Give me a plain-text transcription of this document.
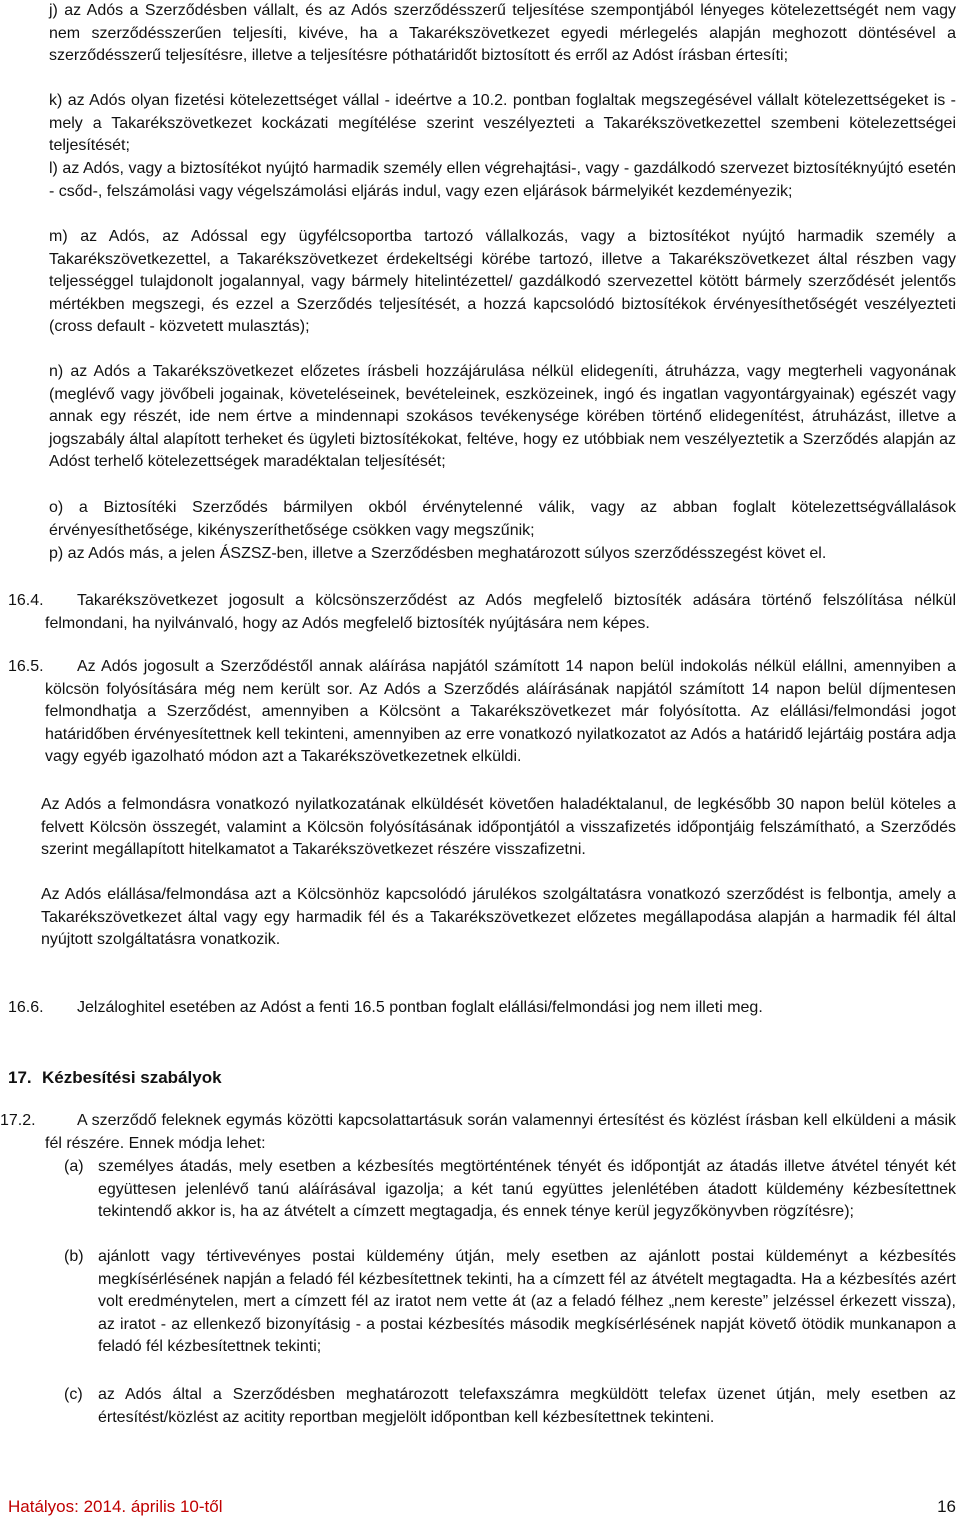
j) az Adós a Szerződésben vállalt, és az Adós szerződésszerű teljesítése szempontjából lényeges kötelezettségét nem vagy nem szerződésszerűen teljesíti, kivéve, ha a Takarékszövetkezet egyedi mérlegelés alapján meghozott döntésével a szerződésszerű teljesítésre, illetve a teljesítésre póthatáridőt biztosított és erről az Adóst írásban értesíti;

k) az Adós olyan fizetési kötelezettséget vállal - ideértve a 10.2. pontban foglaltak megszegésével vállalt kötelezettségeket is - mely a Takarékszövetkezet kockázati megítélése szerint veszélyezteti a Takarékszövetkezettel szembeni kötelezettségei teljesítését;

l) az Adós, vagy a biztosítékot nyújtó harmadik személy ellen végrehajtási-, vagy - gazdálkodó szervezet biztosítéknyújtó esetén - csőd-, felszámolási vagy végelszámolási eljárás indul, vagy ezen eljárások bármelyikét kezdeményezik;

m) az Adós, az Adóssal egy ügyfélcsoportba tartozó vállalkozás, vagy a biztosítékot nyújtó harmadik személy a Takarékszövetkezettel, a Takarékszövetkezet érdekeltségi körébe tartozó, illetve a Takarékszövetkezet által részben vagy teljességgel tulajdonolt jogalannyal, vagy bármely hitelintézettel/ gazdálkodó szervezettel kötött bármely szerződését jelentős mértékben megszegi, és ezzel a Szerződés teljesítését, a hozzá kapcsolódó biztosítékok érvényesíthetőségét veszélyezteti (cross default - közvetett mulasztás);

n) az Adós a Takarékszövetkezet előzetes írásbeli hozzájárulása nélkül elidegeníti, átruházza, vagy megterheli vagyonának (meglévő vagy jövőbeli jogainak, követeléseinek, bevételeinek, eszközeinek, ingó és ingatlan vagyontárgyainak) egészét vagy annak egy részét, ide nem értve a mindennapi szokásos tevékenysége körében történő elidegenítést, átruházást, illetve a jogszabály által alapított terheket és ügyleti biztosítékokat, feltéve, hogy ez utóbbiak nem veszélyeztetik a Szerződés alapján az Adóst terhelő kötelezettségek maradéktalan teljesítését;

o) a Biztosítéki Szerződés bármilyen okból érvénytelenné válik, vagy az abban foglalt kötelezettségvállalások érvényesíthetősége, kikényszeríthetősége csökken vagy megszűnik;

p) az Adós más, a jelen ÁSZSZ-ben, illetve a Szerződésben meghatározott súlyos szerződésszegést követ el.

16.4.	Takarékszövetkezet jogosult a kölcsönszerződést az Adós megfelelő biztosíték adására történő felszólítása nélkül felmondani, ha nyilvánvaló, hogy az Adós megfelelő biztosíték nyújtására nem képes.

16.5.	Az Adós jogosult a Szerződéstől annak aláírása napjától számított 14 napon belül indokolás nélkül elállni, amennyiben a kölcsön folyósítására még nem került sor. Az Adós a Szerződés aláírásának napjától számított 14 napon belül díjmentesen felmondhatja a Szerződést, amennyiben a Kölcsönt a Takarékszövetkezet már folyósította. Az elállási/felmondási jogot határidőben érvényesítettnek kell tekinteni, amennyiben az erre vonatkozó nyilatkozatot az Adós a határidő lejártáig postára adja vagy egyéb igazolható módon azt a Takarékszövetkezetnek elküldi.

Az Adós a felmondásra vonatkozó nyilatkozatának elküldését követően haladéktalanul, de legkésőbb 30 napon belül köteles a felvett Kölcsön összegét, valamint a Kölcsön folyósításának időpontjától a visszafizetés időpontjáig felszámítható, a Szerződés szerint megállapított hitelkamatot a Takarékszövetkezet részére visszafizetni.

Az Adós elállása/felmondása azt a Kölcsönhöz kapcsolódó járulékos szolgáltatásra vonatkozó szerződést is felbontja, amely a Takarékszövetkezet által vagy egy harmadik fél és a Takarékszövetkezet előzetes megállapodása alapján a harmadik fél által nyújtott szolgáltatásra vonatkozik.

16.6. Jelzáloghitel esetében az Adóst a fenti 16.5 pontban foglalt elállási/felmondási jog nem illeti meg.

17. Kézbesítési szabályok
17.2.	A szerződő feleknek egymás közötti kapcsolattartásuk során valamennyi értesítést és közlést írásban kell elküldeni a másik fél részére. Ennek módja lehet:

(a) személyes átadás, mely esetben a kézbesítés megtörténtének tényét és időpontját az átadás illetve átvétel tényét két együttesen jelenlévő tanú aláírásával igazolja; a két tanú együttes jelenlétében átadott küldemény kézbesítettnek tekintendő akkor is, ha az átvételt a címzett megtagadja, és ennek ténye kerül jegyzőkönyvben rögzítésre);

(b) ajánlott vagy tértivevényes postai küldemény útján, mely esetben az ajánlott postai küldeményt a kézbesítés megkísérlésének napján a feladó fél kézbesítettnek tekinti, ha a címzett fél az átvételt megtagadta. Ha a kézbesítés azért volt eredménytelen, mert a címzett fél az iratot nem vette át (az a feladó félhez „nem kereste” jelzéssel érkezett vissza), az iratot - az ellenkező bizonyításig - a postai kézbesítés második megkísérlésének napját követő ötödik munkanapon a feladó fél kézbesítettnek tekinti;

(c) az Adós által a Szerződésben meghatározott telefaxszámra megküldött telefax üzenet útján, mely esetben az értesítést/közlést az acitity reportban megjelölt időpontban kell kézbesítettnek tekinteni.

Hatályos: 2014. április 10-től	16
